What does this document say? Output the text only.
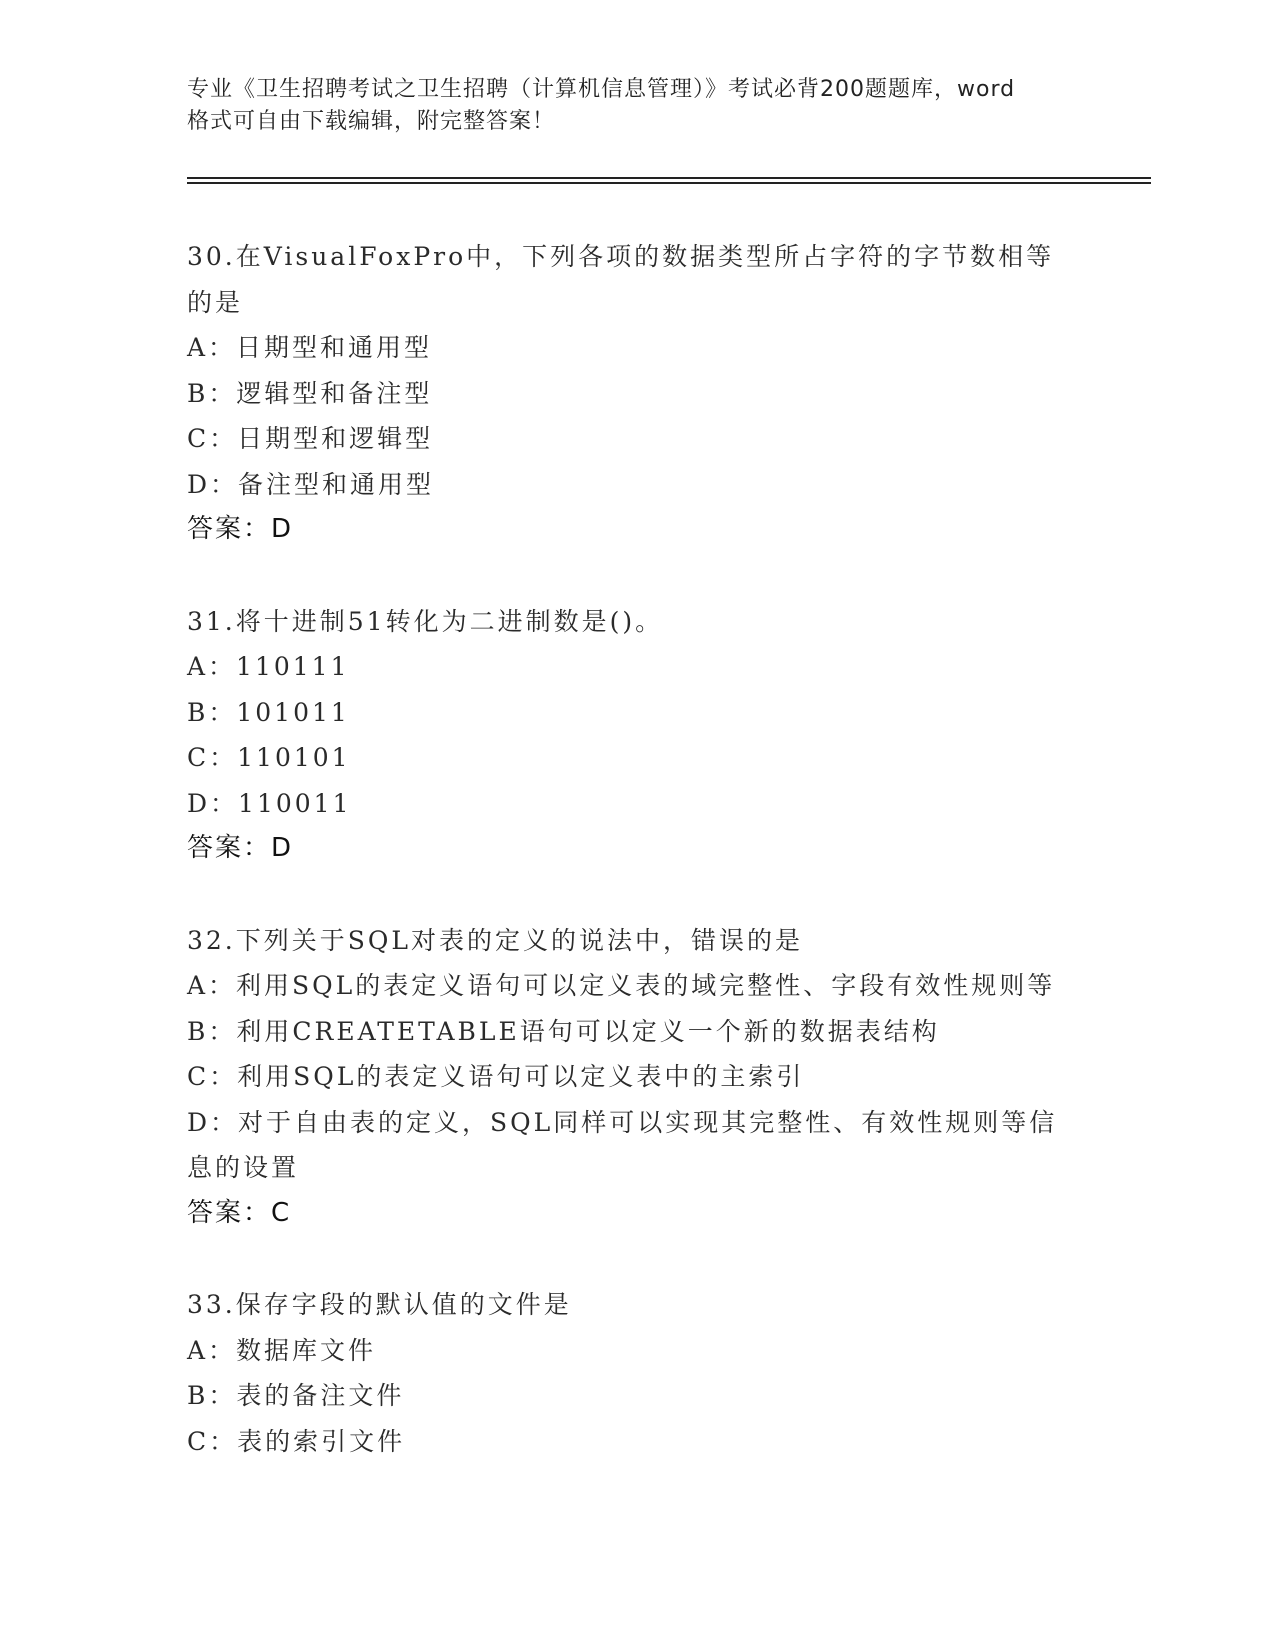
专业《卫生招聘考试之卫生招聘（计算机信息管理）》考试必背200题题库，word
格式可自由下载编辑，附完整答案！
30.在VisualFoxPro中，下列各项的数据类型所占字符的字节数相等的是
A：日期型和通用型
B：逻辑型和备注型
C：日期型和逻辑型
D：备注型和通用型
答案：D
31.将十进制51转化为二进制数是()。
A：110111
B：101011
C：110101
D：110011
答案：D
32.下列关于SQL对表的定义的说法中，错误的是
A：利用SQL的表定义语句可以定义表的域完整性、字段有效性规则等
B：利用CREATETABLE语句可以定义一个新的数据表结构
C：利用SQL的表定义语句可以定义表中的主索引
D：对于自由表的定义，SQL同样可以实现其完整性、有效性规则等信息的设置
答案：C
33.保存字段的默认值的文件是
A：数据库文件
B：表的备注文件
C：表的索引文件
